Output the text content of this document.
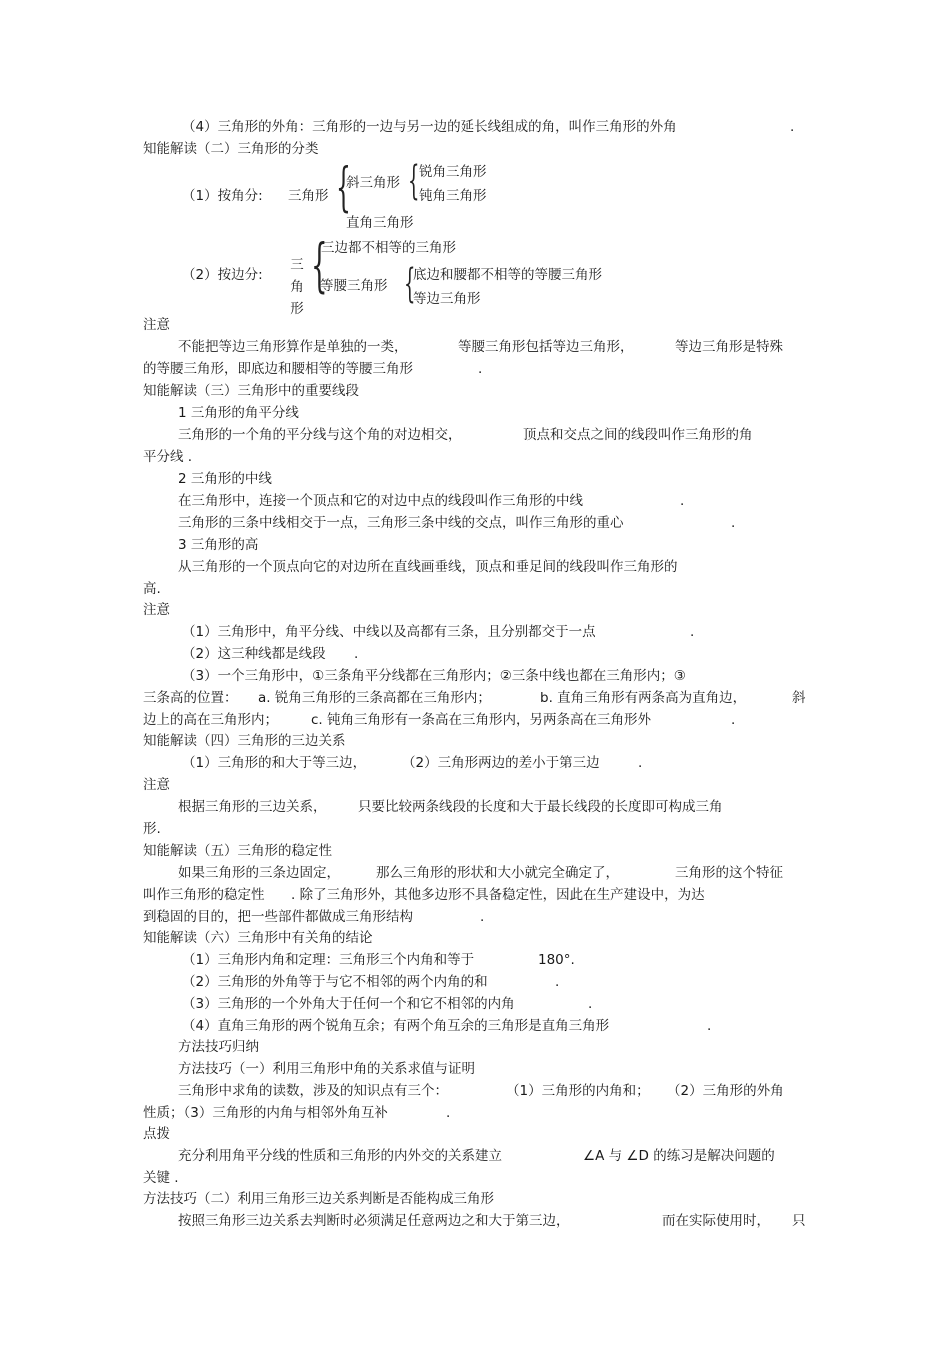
（4）三角形的外角：三角形的一边与另一边的延长线组成的角，叫作三角形的外角	.
知能解读（二）三角形的分类
（1）按角分: 三角形 {
斜三角形 { 锐角三角形
钝角三角形
直角三角形
（2）按边分:
三角形
{
三边都不相等的三角形
等腰三角形 {
底边和腰都不相等的等腰三角形
等边三角形
注意
不能把等边三角形算作是单独的一类，	等腰三角形包括等边三角形，	等边三角形是特殊
的等腰三角形，即底边和腰相等的等腰三角形	.
知能解读（三）三角形中的重要线段
1 三角形的角平分线
三角形的一个角的平分线与这个角的对边相交，	顶点和交点之间的线段叫作三角形的角
平分线 .
2 三角形的中线
在三角形中，连接一个顶点和它的对边中点的线段叫作三角形的中线	.
三角形的三条中线相交于一点，三角形三条中线的交点，叫作三角形的重心	.
3 三角形的高
从三角形的一个顶点向它的对边所在直线画垂线，顶点和垂足间的线段叫作三角形的
高.
注意
（1）三角形中，角平分线、中线以及高都有三条，且分别都交于一点	.
（2）这三种线都是线段 .
（3）一个三角形中，①三条角平分线都在三角形内；②三条中线也都在三角形内；③
三条高的位置： a. 锐角三角形的三条高都在三角形内；	b. 直角三角形有两条高为直角边，	斜
边上的高在三角形内； c. 钝角三角形有一条高在三角形内，另两条高在三角形外	.
知能解读（四）三角形的三边关系
（1）三角形的和大于等三边，	（2）三角形两边的差小于第三边	.
注意
根据三角形的三边关系， 只要比较两条线段的长度和大于最长线段的长度即可构成三角
形.
知能解读（五）三角形的稳定性
如果三角形的三条边固定，	那么三角形的形状和大小就完全确定了，	三角形的这个特征
叫作三角形的稳定性 . 除了三角形外，其他多边形不具备稳定性，因此在生产建设中，为达
到稳固的目的，把一些部件都做成三角形结构	.
知能解读（六）三角形中有关角的结论
（1）三角形内角和定理：三角形三个内角和等于	180°.
（2）三角形的外角等于与它不相邻的两个内角的和	.
（3）三角形的一个外角大于任何一个和它不相邻的内角	.
（4）直角三角形的两个锐角互余；有两个角互余的三角形是直角三角形	.
方法技巧归纳
方法技巧（一）利用三角形中角的关系求值与证明
三角形中求角的读数，涉及的知识点有三个：	（1）三角形的内角和； （2）三角形的外角
性质；（3）三角形的内角与相邻外角互补	.
点拨
充分利用角平分线的性质和三角形的内外交的关系建立	∠A 与 ∠D 的练习是解决问题的
关键 .
方法技巧（二）利用三角形三边关系判断是否能构成三角形
按照三角形三边关系去判断时必须满足任意两边之和大于第三边，	而在实际使用时， 只
